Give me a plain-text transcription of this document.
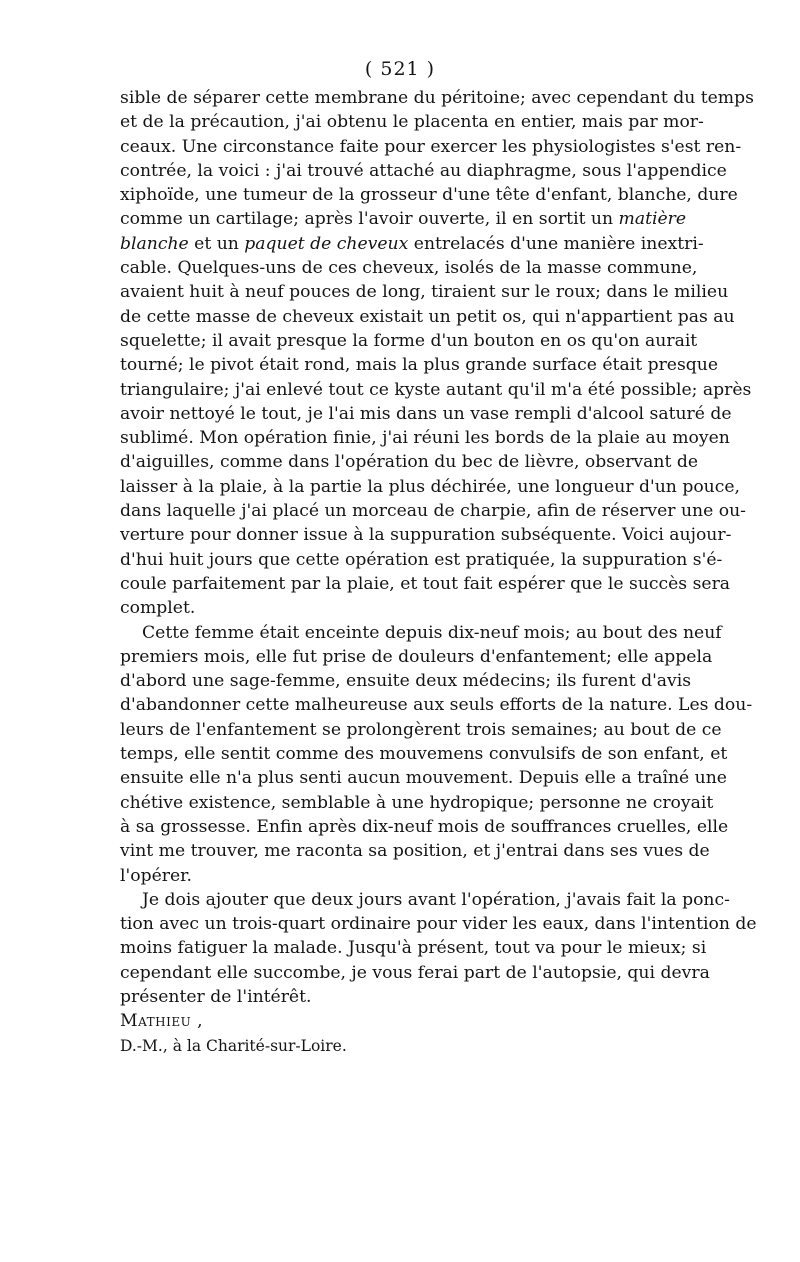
( 521 )
sible de séparer cette membrane du péritoine; avec cependant du temps
et de la précaution, j'ai obtenu le placenta en entier, mais par mor-
ceaux. Une circonstance faite pour exercer les physiologistes s'est ren-
contrée, la voici : j'ai trouvé attaché au diaphragme, sous l'appendice
xiphoïde, une tumeur de la grosseur d'une tête d'enfant, blanche, dure
comme un cartilage; après l'avoir ouverte, il en sortit un matière
blanche et un paquet de cheveux entrelacés d'une manière inextri-
cable. Quelques-uns de ces cheveux, isolés de la masse commune,
avaient huit à neuf pouces de long, tiraient sur le roux; dans le milieu
de cette masse de cheveux existait un petit os, qui n'appartient pas au
squelette; il avait presque la forme d'un bouton en os qu'on aurait
tourné; le pivot était rond, mais la plus grande surface était presque
triangulaire; j'ai enlevé tout ce kyste autant qu'il m'a été possible; après
avoir nettoyé le tout, je l'ai mis dans un vase rempli d'alcool saturé de
sublimé. Mon opération finie, j'ai réuni les bords de la plaie au moyen
d'aiguilles, comme dans l'opération du bec de lièvre, observant de
laisser à la plaie, à la partie la plus déchirée, une longueur d'un pouce,
dans laquelle j'ai placé un morceau de charpie, afin de réserver une ou-
verture pour donner issue à la suppuration subséquente. Voici aujour-
d'hui huit jours que cette opération est pratiquée, la suppuration s'é-
coule parfaitement par la plaie, et tout fait espérer que le succès sera
complet.
Cette femme était enceinte depuis dix-neuf mois; au bout des neuf
premiers mois, elle fut prise de douleurs d'enfantement; elle appela
d'abord une sage-femme, ensuite deux médecins; ils furent d'avis
d'abandonner cette malheureuse aux seuls efforts de la nature. Les dou-
leurs de l'enfantement se prolongèrent trois semaines; au bout de ce
temps, elle sentit comme des mouvemens convulsifs de son enfant, et
ensuite elle n'a plus senti aucun mouvement. Depuis elle a traîné une
chétive existence, semblable à une hydropique; personne ne croyait
à sa grossesse. Enfin après dix-neuf mois de souffrances cruelles, elle
vint me trouver, me raconta sa position, et j'entrai dans ses vues de
l'opérer.
Je dois ajouter que deux jours avant l'opération, j'avais fait la ponc-
tion avec un trois-quart ordinaire pour vider les eaux, dans l'intention de
moins fatiguer la malade. Jusqu'à présent, tout va pour le mieux; si
cependant elle succombe, je vous ferai part de l'autopsie, qui devra
présenter de l'intérêt.
Mathieu ,
D.-M., à la Charité-sur-Loire.
